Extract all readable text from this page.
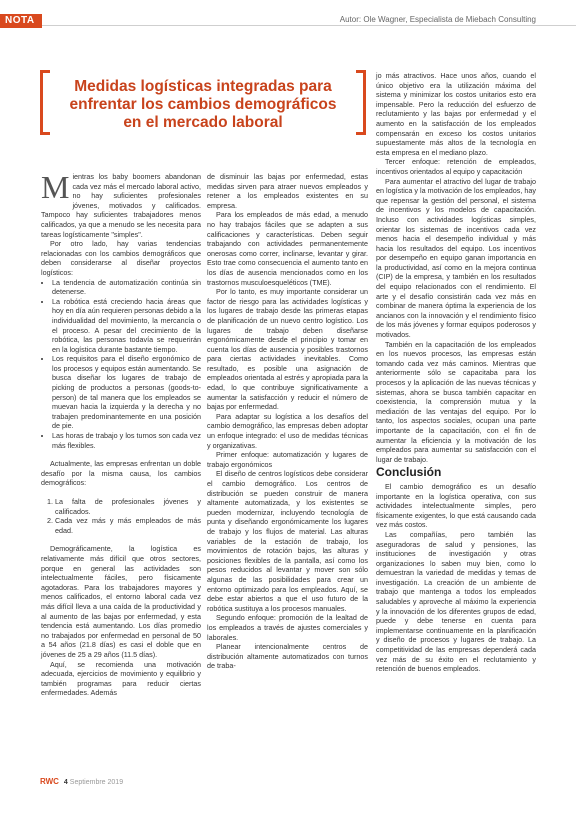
NOTA	Autor: Ole Wagner, Especialista de Miebach Consulting
Medidas logísticas integradas para
enfrentar los cambios demográficos
en el mercado laboral

Mientras los baby boomers abandonan cada vez más el mercado laboral activo, no hay suficientes profesionales jóvenes, motivados y calificados. Tampoco hay suficientes trabajadores menos calificados, ya que a menudo se les necesita para tareas logísticamente "simples".

Por otro lado, hay varias tendencias relacionadas con los cambios demográficos que deben considerarse al diseñar proyectos logísticos:

• La tendencia de automatización continúa sin detenerse.
• La robótica está creciendo hacia áreas que hoy en día aún requieren personas debido a la individualidad del movimiento, la mercancía o el proceso. A pesar del crecimiento de la robótica, las personas todavía se requerirán en la logística durante bastante tiempo.
• Los requisitos para el diseño ergonómico de los procesos y equipos están aumentando. Se busca diseñar los lugares de trabajo de picking de productos a personas (goods-to-person) de tal manera que los empleados se muevan hacia la izquierda y la derecha y no trabajen predominantemente en una posición de pie.
• Las horas de trabajo y los turnos son cada vez más flexibles.

Actualmente, las empresas enfrentan un doble desafío por la misma causa, los cambios demográficos:

1. La falta de profesionales jóvenes y calificados.
2. Cada vez más y más empleados de más edad.

Demográficamente, la logística es relativamente más difícil que otros sectores, porque en general las actividades son intelectualmente fáciles, pero físicamente agotadoras. Para los trabajadores mayores y menos calificados, el entorno laboral cada vez más difícil lleva a una caída de la productividad y al aumento de las bajas por enfermedad, y esta tendencia está aumentando. Los días promedio no trabajados por enfermedad en personal de 50 a 54 años (21.8 días) es casi el doble que en jóvenes de 25 a 29 años (11.5 días).

Aquí, se recomienda una motivación adecuada, ejercicios de movimiento y equilibrio y también programas para reducir ciertas enfermedades. Además

de disminuir las bajas por enfermedad, estas medidas sirven para atraer nuevos empleados y retener a los empleados existentes en su empresa.

Para los empleados de más edad, a menudo no hay trabajos fáciles que se adapten a sus calificaciones y características. Deben seguir trabajando con actividades permanentemente onerosas como correr, inclinarse, levantar y girar. Esto trae como consecuencia el aumento tanto en los días de ausencia mencionados como en los trastornos musculoesqueléticos (TME).

Por lo tanto, es muy importante considerar un factor de riesgo para las actividades logísticas y los lugares de trabajo desde las primeras etapas de planificación de un nuevo centro logístico. Los lugares de trabajo deben diseñarse ergonómicamente desde el principio y tomar en cuenta los días de ausencia y posibles trastornos para ciertas actividades inevitables. Como resultado, es posible una asignación de empleados orientada al estrés y apropiada para la edad, lo que contribuye significativamente a aumentar la satisfacción y reducir el número de bajas por enfermedad.

Para adaptar su logística a los desafíos del cambio demográfico, las empresas deben adoptar un enfoque integrado: el uso de medidas técnicas y organizativas.

Primer enfoque: automatización y lugares de trabajo ergonómicos

El diseño de centros logísticos debe considerar el cambio demográfico. Los centros de distribución se pueden construir de manera altamente automatizada, y los existentes se pueden modernizar, incluyendo tecnología de punta y diseñando ergonómicamente los lugares de trabajo y los flujos de material. Las alturas variables de la estación de trabajo, los movimientos de rotación bajos, las alturas y posiciones flexibles de la pantalla, así como los pesos reducidos al levantar y mover son sólo algunas de las posibilidades para crear un entorno optimizado para los empleados. Aquí, se debe estar abiertos a que el uso futuro de la robótica sustituya a los procesos manuales.

Segundo enfoque: promoción de la lealtad de los empleados a través de ajustes comerciales y laborales.

Planear intencionalmente centros de distribución altamente automatizados con turnos de traba-

jo más atractivos. Hace unos años, cuando el único objetivo era la utilización máxima del sistema y minimizar los costos unitarios esto era impensable. Pero la reducción del esfuerzo de reclutamiento y las bajas por enfermedad y el aumento en la satisfacción de los empleados compensarán en exceso los costos unitarios supuestamente más altos de la tecnología en esta empresa en el mediano plazo.

Tercer enfoque: retención de empleados, incentivos orientados al equipo y capacitación

Para aumentar el atractivo del lugar de trabajo en logística y la motivación de los empleados, hay que repensar la gestión del personal, el sistema de incentivos y los modelos de capacitación. Incluso con actividades logísticas simples, orientar los sistemas de incentivos cada vez menos hacia el desempeño individual y más hacia los resultados del equipo. Los incentivos por desempeño en equipo ganan importancia en la productividad, así como en la mejora continua (CIP) de la empresa, y también en los resultados del equipo relacionados con el rendimiento. El arte y el desafío consistirán cada vez más en combinar de manera óptima la experiencia de los ancianos con la innovación y el rendimiento físico de los más jóvenes y formar equipos poderosos y motivados.

También en la capacitación de los empleados en los nuevos procesos, las empresas están tomando cada vez más caminos. Mientras que anteriormente sólo se capacitaba para los procesos y la aplicación de las nuevas técnicas y sistemas, ahora se busca también capacitar en coexistencia, la comprensión mutua y la mediación de las ventajas del equipo. Por lo tanto, los aspectos sociales, ocupan una parte importante de la capacitación, con el fin de aumentar la eficiencia y la motivación de los empleados para aumentar su satisfacción con el lugar de trabajo.

Conclusión

El cambio demográfico es un desafío importante en la logística operativa, con sus actividades intelectualmente simples, pero físicamente exigentes, lo que está causando cada vez más costos.

Las compañías, pero también las aseguradoras de salud y pensiones, las instituciones de investigación y otras organizaciones lo saben muy bien, como lo demuestran la variedad de medidas y temas de investigación. La creación de un ambiente de trabajo que mantenga a todos los empleados saludables y aproveche al máximo la experiencia y la innovación de los diferentes grupos de edad, puede y debe tenerse en cuenta para implementarse continuamente en la planificación y diseño de procesos y lugares de trabajo. La competitividad de las empresas dependerá cada vez más de su éxito en el reclutamiento y retención de buenos empleados.

RWC 4 Septiembre 2019
